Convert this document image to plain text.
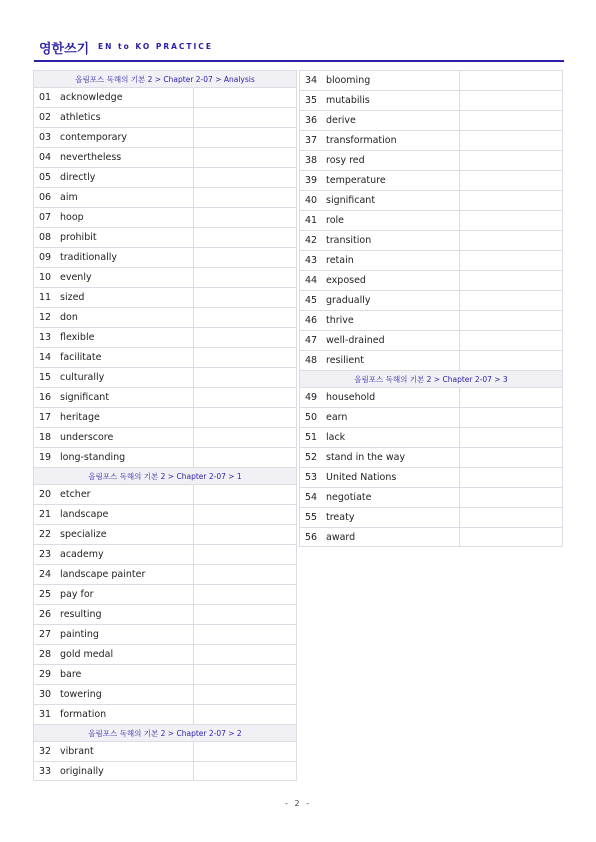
영한쓰기 EN to KO PRACTICE
올림포스 독해의 기본 2 > Chapter 2-07 > Analysis
01 acknowledge
02 athletics
03 contemporary
04 nevertheless
05 directly
06 aim
07 hoop
08 prohibit
09 traditionally
10 evenly
11 sized
12 don
13 flexible
14 facilitate
15 culturally
16 significant
17 heritage
18 underscore
19 long-standing
올림포스 독해의 기본 2 > Chapter 2-07 > 1
20 etcher
21 landscape
22 specialize
23 academy
24 landscape painter
25 pay for
26 resulting
27 painting
28 gold medal
29 bare
30 towering
31 formation
올림포스 독해의 기본 2 > Chapter 2-07 > 2
32 vibrant
33 originally
34 blooming
35 mutabilis
36 derive
37 transformation
38 rosy red
39 temperature
40 significant
41 role
42 transition
43 retain
44 exposed
45 gradually
46 thrive
47 well-drained
48 resilient
올림포스 독해의 기본 2 > Chapter 2-07 > 3
49 household
50 earn
51 lack
52 stand in the way
53 United Nations
54 negotiate
55 treaty
56 award
- 2 -
